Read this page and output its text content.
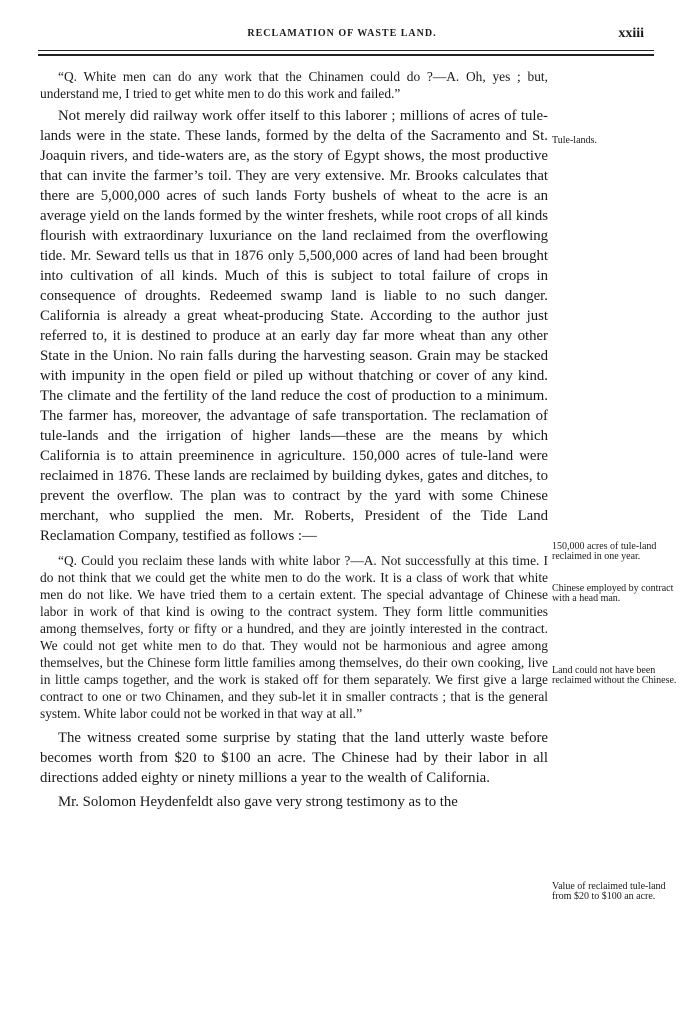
RECLAMATION OF WASTE LAND.	xxiii

“Q. White men can do any work that the Chinamen could do ?—A. Oh, yes ; but, understand me, I tried to get white men to do this work and failed.”

Not merely did railway work offer itself to this laborer ; millions of acres of tule-lands were in the state. These lands, formed by the delta of the Sacramento and St. Joaquin rivers, and tide-waters are, as the story of Egypt shows, the most productive that can invite the farmer’s toil. They are very extensive. Mr. Brooks calculates that there are 5,000,000 acres of such lands Forty bushels of wheat to the acre is an average yield on the lands formed by the winter freshets, while root crops of all kinds flourish with extraordinary luxuriance on the land reclaimed from the overflowing tide. Mr. Seward tells us that in 1876 only 5,500,000 acres of land had been brought into cultivation of all kinds. Much of this is subject to total failure of crops in consequence of droughts. Redeemed swamp land is liable to no such danger. California is already a great wheat-producing State. According to the author just referred to, it is destined to produce at an early day far more wheat than any other State in the Union. No rain falls during the harvesting season. Grain may be stacked with impunity in the open field or piled up without thatching or cover of any kind. The climate and the fertility of the land reduce the cost of production to a minimum. The farmer has, moreover, the advantage of safe transportation. The reclamation of tule-lands and the irrigation of higher lands—these are the means by which California is to attain preeminence in agriculture. 150,000 acres of tule-land were reclaimed in 1876. These lands are reclaimed by building dykes, gates and ditches, to prevent the overflow. The plan was to contract by the yard with some Chinese merchant, who supplied the men. Mr. Roberts, President of the Tide Land Reclamation Company, testified as follows :—

“Q. Could you reclaim these lands with white labor ?—A. Not successfully at this time. I do not think that we could get the white men to do the work. It is a class of work that white men do not like. We have tried them to a certain extent. The special advantage of Chinese labor in work of that kind is owing to the contract system. They form little communities among themselves, forty or fifty or a hundred, and they are jointly interested in the contract. We could not get white men to do that. They would not be harmonious and agree among themselves, but the Chinese form little families among themselves, do their own cooking, live in little camps together, and the work is staked off for them separately. We first give a large contract to one or two Chinamen, and they sub-let it in smaller contracts ; that is the general system. White labor could not be worked in that way at all.”

The witness created some surprise by stating that the land utterly waste before becomes worth from $20 to $100 an acre. The Chinese had by their labor in all directions added eighty or ninety millions a year to the wealth of California.

Mr. Solomon Heydenfeldt also gave very strong testimony as to the

Tule-lands.
150,000 acres of tule-land reclaimed in one year.
Chinese employed by contract with a head man.
Land could not have been reclaimed without the Chinese.
Value of reclaimed tule-land from $20 to $100 an acre.
